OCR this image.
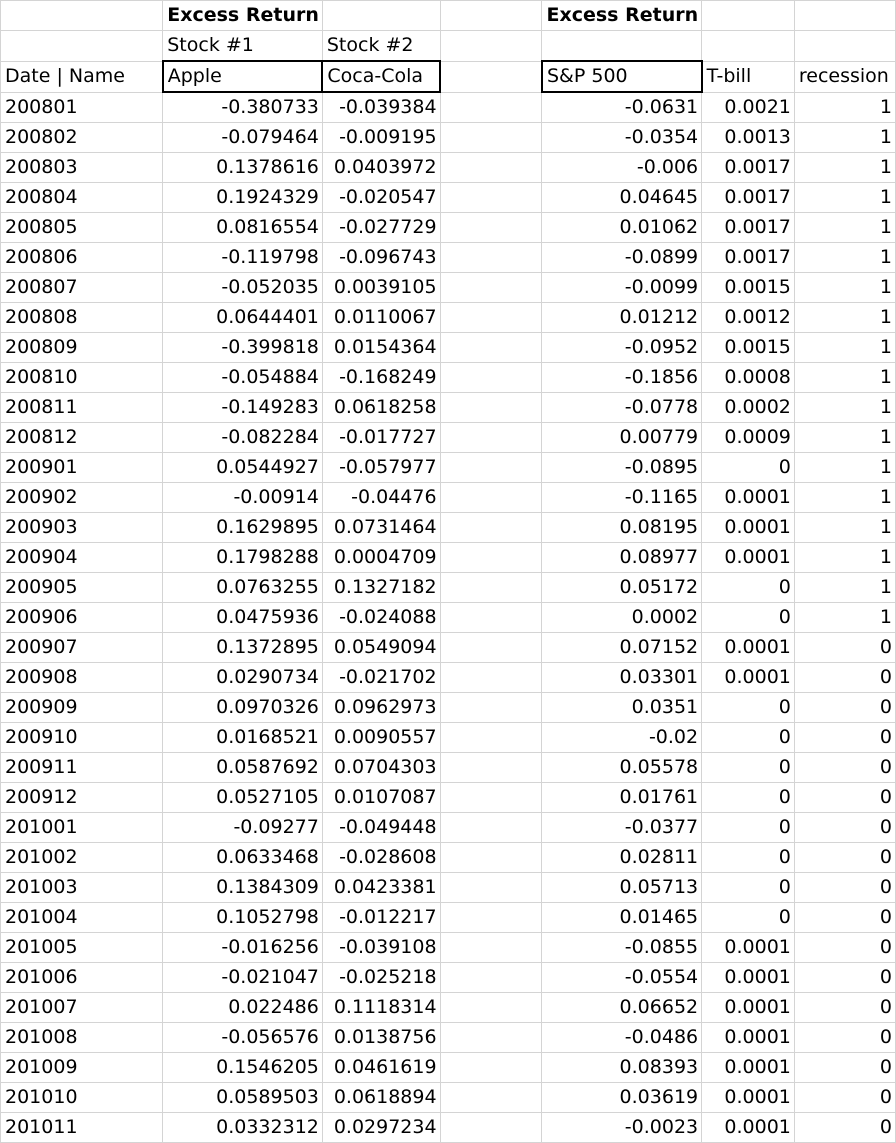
	Excess Return			Excess Return		
	Stock #1	Stock #2				
Date | Name	Apple	Coca-Cola		S&P 500	T-bill	recession
200801	-0.380733	-0.039384		-0.0631	0.0021	1
200802	-0.079464	-0.009195		-0.0354	0.0013	1
200803	0.1378616	0.0403972		-0.006	0.0017	1
200804	0.1924329	-0.020547		0.04645	0.0017	1
200805	0.0816554	-0.027729		0.01062	0.0017	1
200806	-0.119798	-0.096743		-0.0899	0.0017	1
200807	-0.052035	0.0039105		-0.0099	0.0015	1
200808	0.0644401	0.0110067		0.01212	0.0012	1
200809	-0.399818	0.0154364		-0.0952	0.0015	1
200810	-0.054884	-0.168249		-0.1856	0.0008	1
200811	-0.149283	0.0618258		-0.0778	0.0002	1
200812	-0.082284	-0.017727		0.00779	0.0009	1
200901	0.0544927	-0.057977		-0.0895	0	1
200902	-0.00914	-0.04476		-0.1165	0.0001	1
200903	0.1629895	0.0731464		0.08195	0.0001	1
200904	0.1798288	0.0004709		0.08977	0.0001	1
200905	0.0763255	0.1327182		0.05172	0	1
200906	0.0475936	-0.024088		0.0002	0	1
200907	0.1372895	0.0549094		0.07152	0.0001	0
200908	0.0290734	-0.021702		0.03301	0.0001	0
200909	0.0970326	0.0962973		0.0351	0	0
200910	0.0168521	0.0090557		-0.02	0	0
200911	0.0587692	0.0704303		0.05578	0	0
200912	0.0527105	0.0107087		0.01761	0	0
201001	-0.09277	-0.049448		-0.0377	0	0
201002	0.0633468	-0.028608		0.02811	0	0
201003	0.1384309	0.0423381		0.05713	0	0
201004	0.1052798	-0.012217		0.01465	0	0
201005	-0.016256	-0.039108		-0.0855	0.0001	0
201006	-0.021047	-0.025218		-0.0554	0.0001	0
201007	0.022486	0.1118314		0.06652	0.0001	0
201008	-0.056576	0.0138756		-0.0486	0.0001	0
201009	0.1546205	0.0461619		0.08393	0.0001	0
201010	0.0589503	0.0618894		0.03619	0.0001	0
201011	0.0332312	0.0297234		-0.0023	0.0001	0
